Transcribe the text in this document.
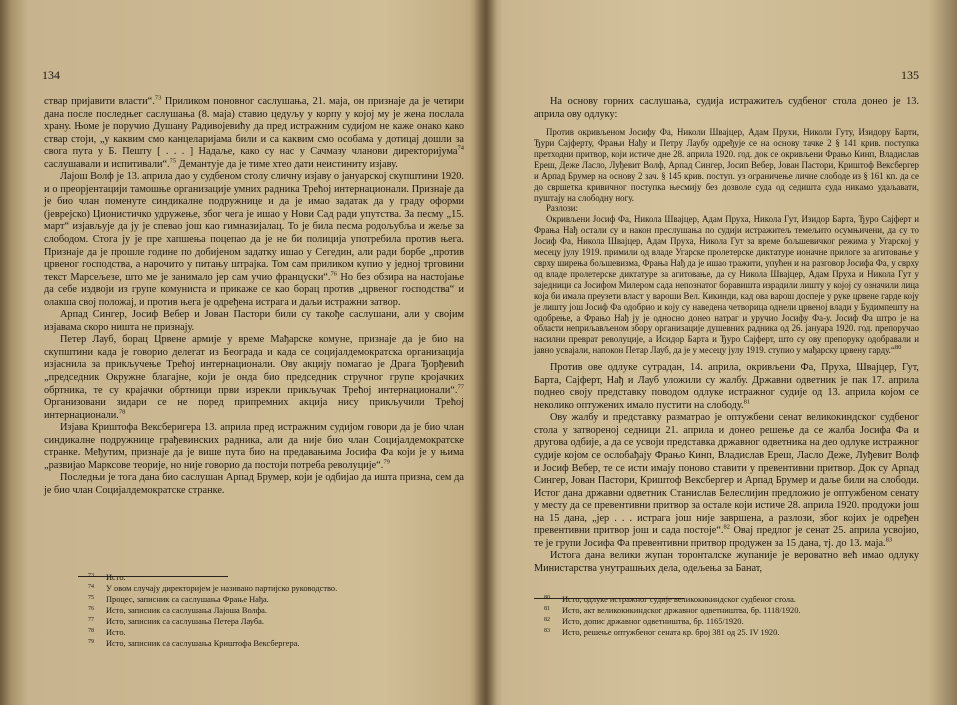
134

ствар пријавити власти“.$^{73}$ Приликом поновног саслушања, 21. маја, он признаје да је четири дана после последњег саслушања (8. маја) ставио цедуљу у корпу у којој му је жена послала храну. Њоме је поручио Душану Радивојевићу да пред истражним судијом не каже онако како ствар стоји, „у каквим смо канцеларијама били и са каквим смо особама у дотицај дошли за свога пута у Б. Пешту [ . . . ] Надаље, како су нас у Сачмазу чланови директоријума$^{74}$ саслушавали и испитивали“.$^{75}$ Демантује да је тиме хтео дати неистиниту изјаву.

Лајош Волф је 13. априла дао у судбеном столу сличну изјаву о јануарској скупштини 1920. и о преорјентацији тамошње организације умних радника Трећој интернационали. Признаје да је био члан поменуте синдикалне подружнице и да је имао задатак да у граду оформи (јеврејско) Ционистичко удружење, због чега је ишао у Нови Сад ради упутства. За песму „15. март“ изјављује да ју је спевао још као гимназијалац. То је била песма родољубља и жеље за слободом. Стога ју је пре хапшења поцепао да је не би полиција употребила против њега. Признаје да је прошле године по добијеном задатку ишао у Сегедин, али ради борбе „против црвеног господства, а нарочито у питању штрајка. Том сам приликом купио у једној трговини текст Марсељезе, што ме је занимало јер сам учио француски“.$^{76}$ Но без обзира на настојање да себе издвоји из групе комуниста и прикаже се као борац против „црвеног господства“ и олакша свој положај, и против њега је одређена истрага и даљи истражни затвор.

Арпад Сингер, Јосиф Вебер и Јован Пастори били су такође саслушани, али у својим изјавама скоро ништа не признају.

Петер Лауб, борац Црвене армије у време Мађарске комуне, признаје да је био на скупштини када је говорио делегат из Београда и када се социјалдемократска организација изјаснила за прикључење Трећој интернационали. Ову акцију помагао је Драга Ђорђевић „председник Окружне благајне, који је онда био председник стручног групе кројачких обртника, те су крајачки обртници први изрекли прикључак Трећој интернационали“.$^{77}$ Организовани зидари се не поред припремних акција нису прикључили Трећој интернационали.$^{78}$

Изјава Криштофа Вексберигера 13. априла пред истражним судијом говори да је био члан синдикалне подружнице грађевинских радника, али да није био члан Социјалдемократске странке. Међутим, признаје да је више пута био на предавањима Јосифа Фа који је у њима „развијао Марксове теорије, но није говорио да постоји потреба револуције“.$^{79}$

Последњи је тога дана био саслушан Арпад Брумер, који је одбијао да ишта призна, сем да је био члан Социјалдемократске странке.

73 Исто.
74 У овом случају директоријем је називано партијско руководство.
75 Процес, записник са саслушања Фрање Нађа.
76 Исто, записник са саслушања Лајоша Волфа.
77 Исто, записник са саслушања Петера Лауба.
78 Исто.
79 Исто, записник са саслушања Криштофа Вексбергера.
135

На основу горних саслушања, судија истражитељ судбеног стола донео је 13. априла ову одлуку:

Против окривљеном Јосифу Фа, Николи Швајцер, Адам Прухи, Николи Гуту, Изидору Барти, Ђури Сајферту, Фрањи Нађу и Петру Лаубу одређује се на основу тачке 2 § 141 крив. поступка претходни притвор, који истиче дне 28. априла 1920. год. док се окривљени Фрањо Кинп, Владислав Ереш, Деже Ласло, Луђевит Волф, Арпад Сингер, Јосип Вебер, Јован Пастори, Криштоф Вексбергер и Арпад Брумер на основу 2 зач. § 145 крив. поступ. уз ограничење личне слободе из § 161 кп. да се до свршетка кривичног поступка њесмију без дозволе суда од седишта суда никамо удаљавати, пуштају на слободну ногу.

Разлози:

Окривљени Јосиф Фа, Никола Швајцер, Адам Пруха, Никола Гут, Изидор Барта, Ђуро Сајферт и Фрања Нађ остали су и након преслушања по судији истражитељ темељито осумњичени, да су то Јосиф Фа, Никола Швајцер, Адам Пруха, Никола Гут за време бољшевичког режима у Угарској у месецу јулу 1919. примили од владе Угарске пролетерске диктатуре ионачне прилоге за агитовање у сврху ширења бољшевизма, Фрања Нађ да је ишао тражити, упућен и на разговор Јосифа Фа, у сврху од владе пролетерске диктатуре за агитовање, да су Никола Швајцер, Адам Пруха и Никола Гут у заједници са Јосифом Милером сада непознатог боравишта израдили лишту у којој су означили лица која би имала преузети власт у вароши Вел. Кикинди, кад ова варош доспеје у руке црвене гарде коју је лишту још Јосиф Фа одобрио и коју су наведена четворица однели црвеној влади у Будимпешту на одобрење, а Фрањо Нађ ју је односно донео натраг и уручио Јосифу Фа-у. Јосиф Фа штро је на области неприљављеном збору организације душевних радника од 26. јануара 1920. год. препоручао насилни преврат револуције, а Исидор Барта и Ђуро Сајферт, што су ову препоруку одобравали и јавно усвајали, напокон Петар Лауб, да је у месецу јулу 1919. ступио у мађарску црвену гарду.“$^{80}$

Против ове одлуке сутрадан, 14. априла, окривљени Фа, Пруха, Швајцер, Гут, Барта, Сајферт, Нађ и Лауб уложили су жалбу. Државни одветник је пак 17. априла поднео своју представку поводом одлуке истражног судије од 13. априла којом се неколико оптужених имало пустити на слободу.$^{81}$

Ову жалбу и представку разматрао је оптужбени сенат великокиндског судбеног стола у затвореној седници 21. априла и донео решење да се жалба Јосифа Фа и другова одбије, а да се усвоји представка државног одветника на део одлуке истражног судије којом се ослобађају Фрањо Кинп, Владислав Ереш, Ласло Деже, Луђевит Волф и Јосиф Вебер, те се исти имају поново ставити у превентивни притвор. Док су Арпад Сингер, Јован Пастори, Криштоф Вексбергер и Арпад Брумер и даље били на слободи. Истог дана државни одветник Станислав Белеслијин предложио је оптужбеном сенату у месту да се превентивни притвор за остале који истиче 28. априла 1920. продужи још на 15 дана, „јер . . . истрага још није завршена, а разлози, због којих је одређен превентивни притвор још и сада постоје“.$^{82}$ Овај предлог је сенат 25. априла усвојио, те је групи Јосифа Фа превентивни притвор продужен за 15 дана, тј. до 13. маја.$^{83}$

Истога дана велики жупан торонталске жупаније је вероватно већ имао одлуку Министарства унутрашњих дела, одељења за Банат,

80 Исто, одлуке истражног судије великокикиндског судбеног стола.
81 Исто, акт великокикиндског државног одветништва, бр. 1118/1920.
82 Исто, допис државног одветништва, бр. 1165/1920.
83 Исто, решење оптужбеног сената кр. број 381 од 25. IV 1920.
